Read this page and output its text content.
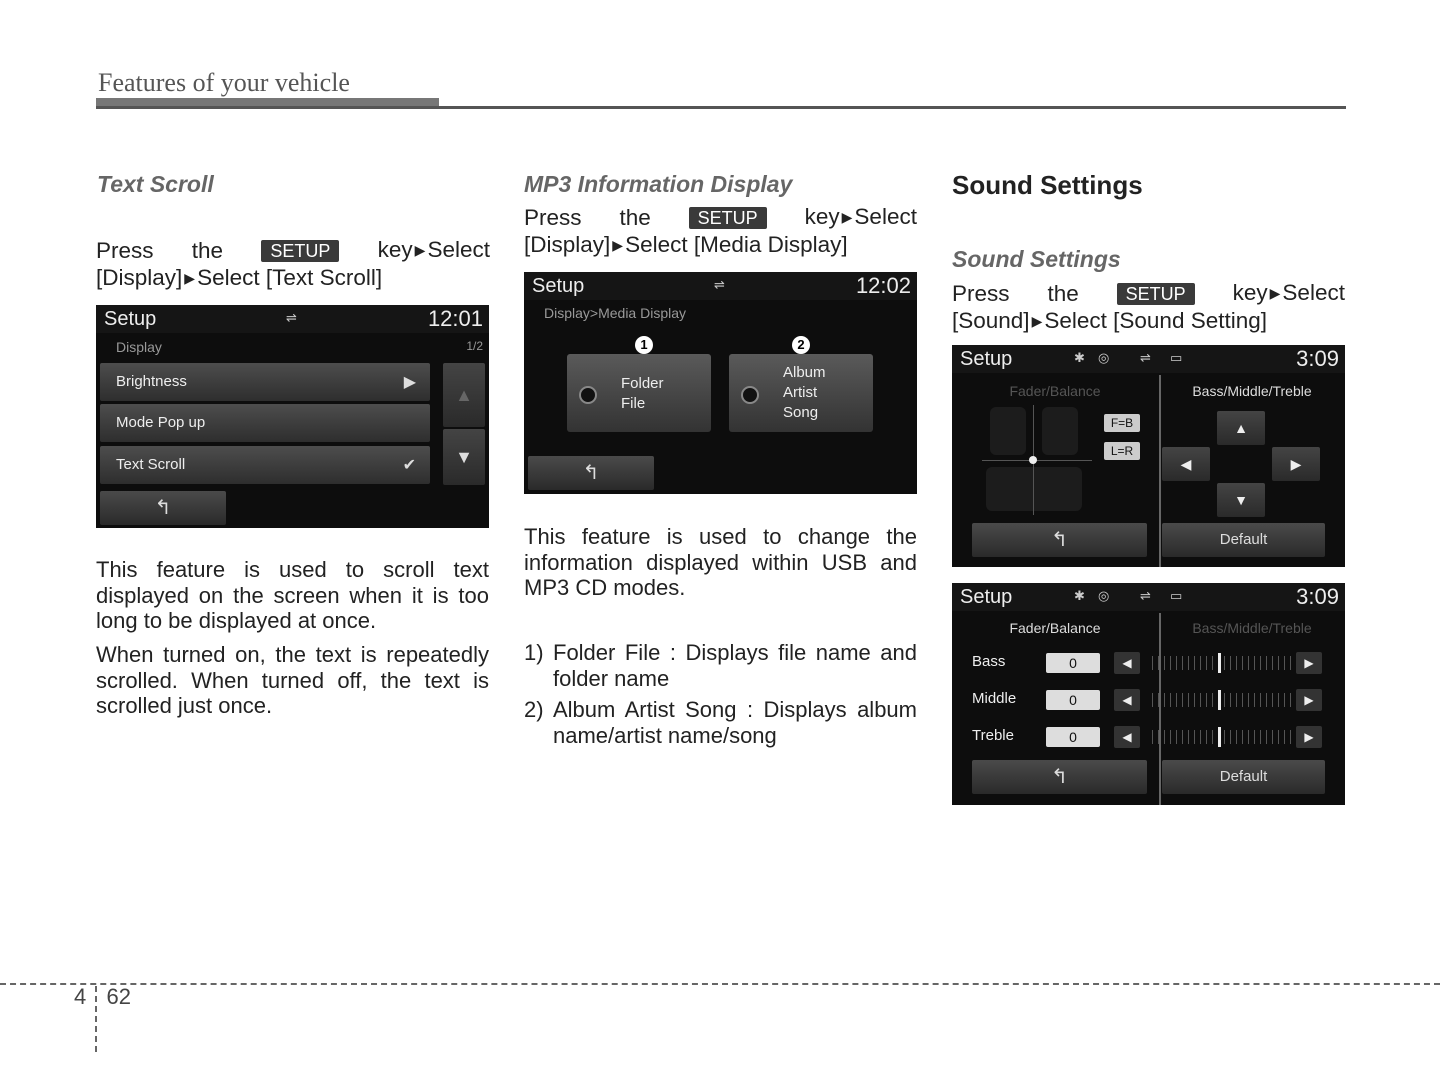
Features of your vehicle
Text Scroll
Press the	SETUP	key ▶Select
[Display] ▶Select [Text Scroll]
Setup	⇌	12:01
Display	1/2
Brightness	▶
Mode Pop up
Text Scroll	✔
▲
▼
↰
This feature is used to scroll text displayed on the screen when it is too long to be displayed at once.
When turned on, the text is repeatedly scrolled. When turned off, the text is scrolled just once.
MP3 Information Display
Press the	SETUP	key ▶Select
[Display] ▶Select [Media Display]
Setup	⇌	12:02
Display>Media Display
1	2
Folder
File
Album
Artist
Song
↰
This feature is used to change the information displayed within USB and MP3 CD modes.
1) Folder File : Displays file name and folder name
2) Album Artist Song : Displays album name/artist name/song
Sound Settings
Sound Settings
Press the	SETUP	key ▶Select
[Sound] ▶Select [Sound Setting]
Setup	✱ ◎ ⇌ ▭	3:09
Fader/Balance	Bass/Middle/Treble
F=B
L=R
▲
◀	▶
▼
↰	Default
Setup	✱ ◎ ⇌ ▭	3:09
Fader/Balance	Bass/Middle/Treble
Bass	0	◀	▶
Middle	0	◀	▶
Treble	0	◀	▶
↰	Default
4 62
